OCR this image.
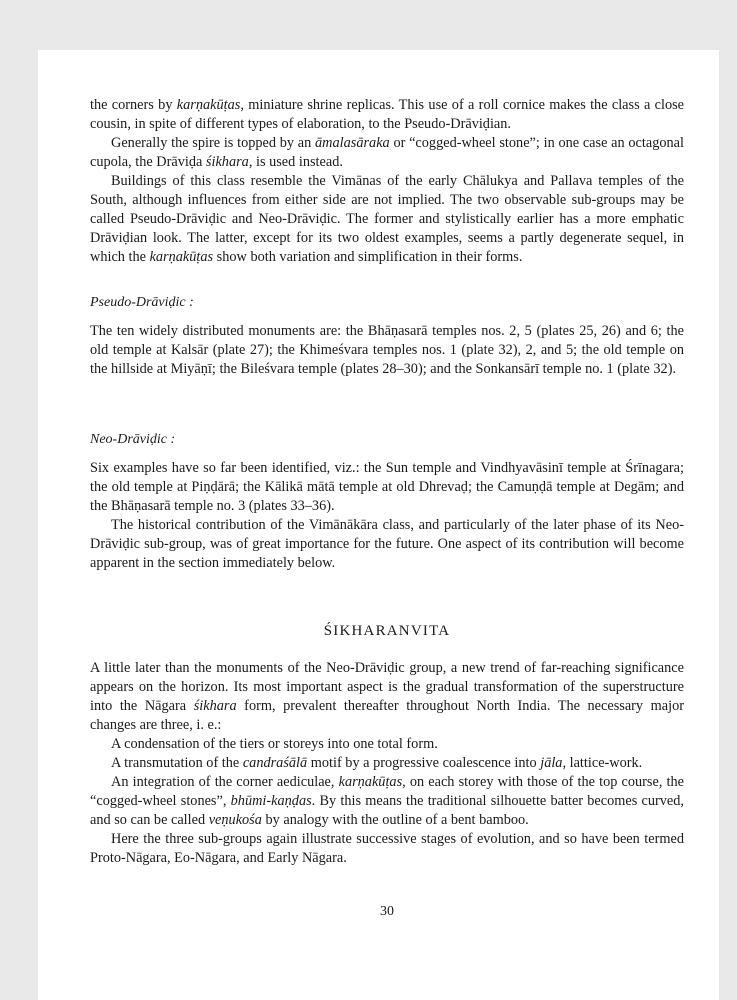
the corners by karṇakūṭas, miniature shrine replicas. This use of a roll cornice makes the class a close cousin, in spite of different types of elaboration, to the Pseudo-Drāviḍian.

Generally the spire is topped by an āmalasāraka or “cogged-wheel stone”; in one case an octagonal cupola, the Drāviḍa śikhara, is used instead.

Buildings of this class resemble the Vimānas of the early Chālukya and Pallava temples of the South, although influences from either side are not implied. The two observable sub-groups may be called Pseudo-Drāviḍic and Neo-Drāviḍic. The former and stylistically earlier has a more emphatic Drāviḍian look. The latter, except for its two oldest examples, seems a partly degenerate sequel, in which the karṇakūṭas show both variation and simplification in their forms.

Pseudo-Drāviḍic :

The ten widely distributed monuments are: the Bhāṇasarā temples nos. 2, 5 (plates 25, 26) and 6; the old temple at Kalsār (plate 27); the Khimeśvara temples nos. 1 (plate 32), 2, and 5; the old temple on the hillside at Miyāṇī; the Bileśvara temple (plates 28–30); and the Sonkansārī temple no. 1 (plate 32).

Neo-Drāviḍic :

Six examples have so far been identified, viz.: the Sun temple and Vindhyavāsinī temple at Śrīnagara; the old temple at Piṇḍārā; the Kālikā mātā temple at old Dhrevaḍ; the Camuṇḍā temple at Degām; and the Bhāṇasarā temple no. 3 (plates 33–36).

The historical contribution of the Vimānākāra class, and particularly of the later phase of its Neo-Drāviḍic sub-group, was of great importance for the future. One aspect of its contribution will become apparent in the section immediately below.

ŚIKHARANVITA

A little later than the monuments of the Neo-Drāviḍic group, a new trend of far-reaching significance appears on the horizon. Its most important aspect is the gradual transformation of the superstructure into the Nāgara śikhara form, prevalent thereafter throughout North India. The necessary major changes are three, i. e.:

A condensation of the tiers or storeys into one total form.

A transmutation of the candraśālā motif by a progressive coalescence into jāla, lattice-work.

An integration of the corner aediculae, karṇakūṭas, on each storey with those of the top course, the “cogged-wheel stones”, bhūmi-kaṇḍas. By this means the traditional silhouette batter becomes curved, and so can be called veṇukośa by analogy with the outline of a bent bamboo.

Here the three sub-groups again illustrate successive stages of evolution, and so have been termed Proto-Nāgara, Eo-Nāgara, and Early Nāgara.

30
